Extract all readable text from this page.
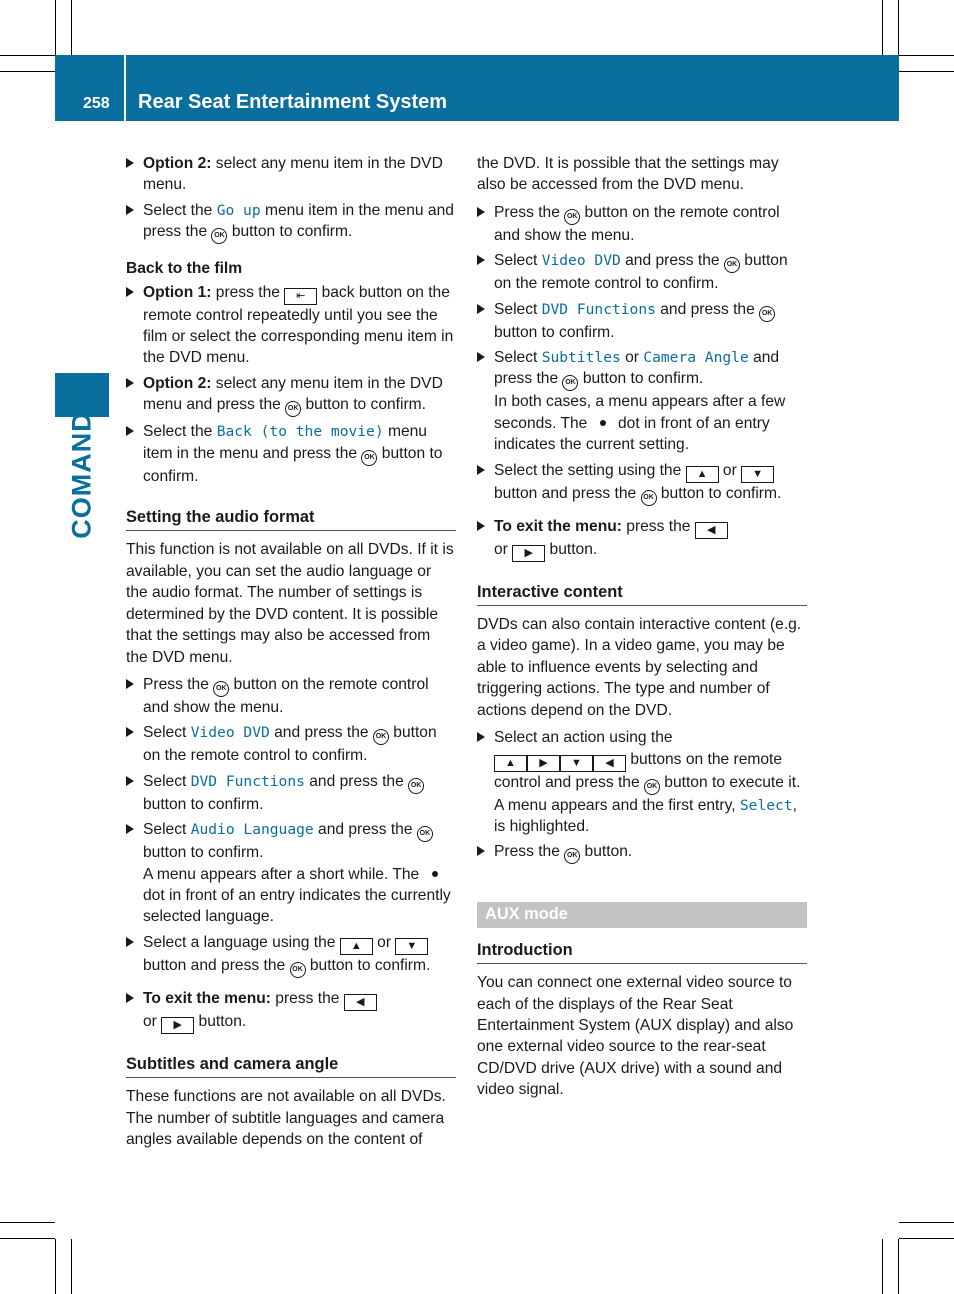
258 Rear Seat Entertainment System
COMAND
Option 2: select any menu item in the DVD menu.
Select the Go up menu item in the menu and press the OK button to confirm.
Back to the film
Option 1: press the ⇤ back button on the remote control repeatedly until you see the film or select the corresponding menu item in the DVD menu.
Option 2: select any menu item in the DVD menu and press the OK button to confirm.
Select the Back (to the movie) menu item in the menu and press the OK button to confirm.
Setting the audio format
This function is not available on all DVDs. If it is available, you can set the audio language or the audio format. The number of settings is determined by the DVD content. It is possible that the settings may also be accessed from the DVD menu.
Press the OK button on the remote control and show the menu.
Select Video DVD and press the OK button on the remote control to confirm.
Select DVD Functions and press the OK button to confirm.
Select Audio Language and press the OK button to confirm.
A menu appears after a short while. The  dot in front of an entry indicates the currently selected language.
Select a language using the ▲ or ▼ button and press the OK button to confirm.
To exit the menu: press the ◀
or ▶ button.
Subtitles and camera angle
These functions are not available on all DVDs. The number of subtitle languages and camera angles available depends on the content of
the DVD. It is possible that the settings may also be accessed from the DVD menu.
Press the OK button on the remote control and show the menu.
Select Video DVD and press the OK button on the remote control to confirm.
Select DVD Functions and press the OK button to confirm.
Select Subtitles or Camera Angle and press the OK button to confirm.
In both cases, a menu appears after a few seconds. The  dot in front of an entry indicates the current setting.
Select the setting using the ▲ or ▼ button and press the OK button to confirm.
To exit the menu: press the ◀
or ▶ button.
Interactive content
DVDs can also contain interactive content (e.g. a video game). In a video game, you may be able to influence events by selecting and triggering actions. The type and number of actions depend on the DVD.
Select an action using the
▲ ▶ ▼ ◀ buttons on the remote control and press the OK button to execute it.
A menu appears and the first entry, Select, is highlighted.
Press the OK button.
AUX mode
Introduction
You can connect one external video source to each of the displays of the Rear Seat Entertainment System (AUX display) and also one external video source to the rear-seat CD/DVD drive (AUX drive) with a sound and video signal.
